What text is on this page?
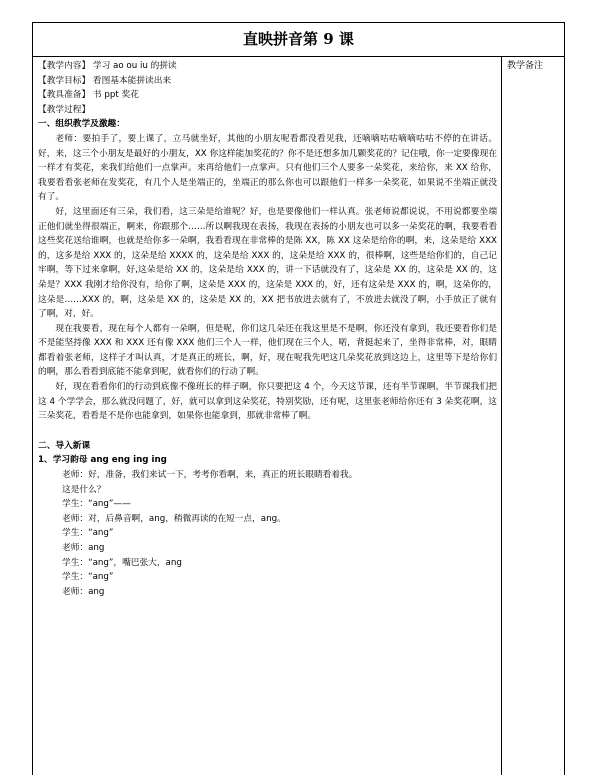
直映拼音第 9 课
【教学内容】 学习 ao ou iu 的拼读
【教学目标】 看图基本能拼读出来
【教具准备】 书 ppt 奖花
【教学过程】
一、组织教学及激趣：

老师：要拍手了，要上课了，立马就坐好，其他的小朋友呢看都没看见我，还嘀嘀咕咕嘀嘀咕咕不停的在讲话。好，来，这三个小朋友是最好的小朋友，XX 你这样能加奖花的？你不是还想多加几颗奖花的？记住哦，你一定要像现在一样才有奖花，来我们给他们一点掌声。来再给他们一点掌声。只有他们三个人要多一朵奖花，来给你，来 XX 给你，我要看看张老师在发奖花，有几个人是坐端正的，坐端正的那么你也可以跟他们一样多一朵奖花，如果说不坐端正就没有了。

好，这里面还有三朵，我们看，这三朵是给谁呢？好，也是要像他们一样认真。张老师说都说说，不用说都要坐端正他们就坐得很端正，啊来，你跟那个……所以啊我现在表扬，我现在表扬的小朋友也可以多一朵奖花的啊，我要看看这些奖花送给谁啊，也就是给你多一朵啊，我看看现在非常棒的是陈 XX，陈 XX 这朵是给你的啊，来，这朵是给 XXX 的，这多是给 XXX 的，这朵是给 XXXX 的，这朵是给 XXX 的，这朵是给 XXX 的，很棒啊，这些是给你们的，自己记牢啊，等下过来拿啊，好,这朵是给 XX 的，这朵是给 XXX 的，讲一下话就没有了，这朵是 XX 的，这朵是 XX 的，这朵是？XXX 我刚才给你没有，给你了啊，这朵是 XXX 的，这朵是 XXX 的，好，还有这朵是 XXX 的，啊，这朵你的，这朵是……XXX 的，啊，这朵是 XX 的，这朵是 XX 的，XX 把书放进去就有了，不放进去就没了啊，小手放正了就有了啊，对，好。

现在我要看，现在每个人都有一朵啊，但是呢，你们这几朵还在我这里是不是啊，你还没有拿到，我还要看你们是不是能坚持像 XXX 和 XXX 还有像 XXX 他们三个人一样，他们现在三个人，喏，背挺起来了，坐得非常棒，对，眼睛都看着张老师，这样子才叫认真，才是真正的班长，啊，好，现在呢我先吧这几朵奖花放到这边上，这里等下是给你们的啊，那么看看到底能不能拿到呢，就看你们的行动了啊。

好，现在看看你们的行动到底像不像班长的样子啊，你只要把这 4 个，今天这节课，还有半节课啊，半节课我们把这 4 个学学会，那么就没问题了，好，就可以拿到这朵奖花，特别奖励，还有呢，这里张老师给你还有 3 朵奖花啊，这三朵奖花，看看是不是你也能拿到，如果你也能拿到，那就非常棒了啊。

二、导入新课
1、学习韵母 ang eng ing ing
老师：好，准备，我们来试一下，考考你看啊，来，真正的班长眼睛看着我。
这是什么？
学生：“ang”——
老师：对，后鼻音啊，ang，稍微再读的在短一点，ang。
学生：“ang”
老师：ang
学生：“ang”，嘴巴张大，ang
学生：“ang”
老师：ang
教学备注
